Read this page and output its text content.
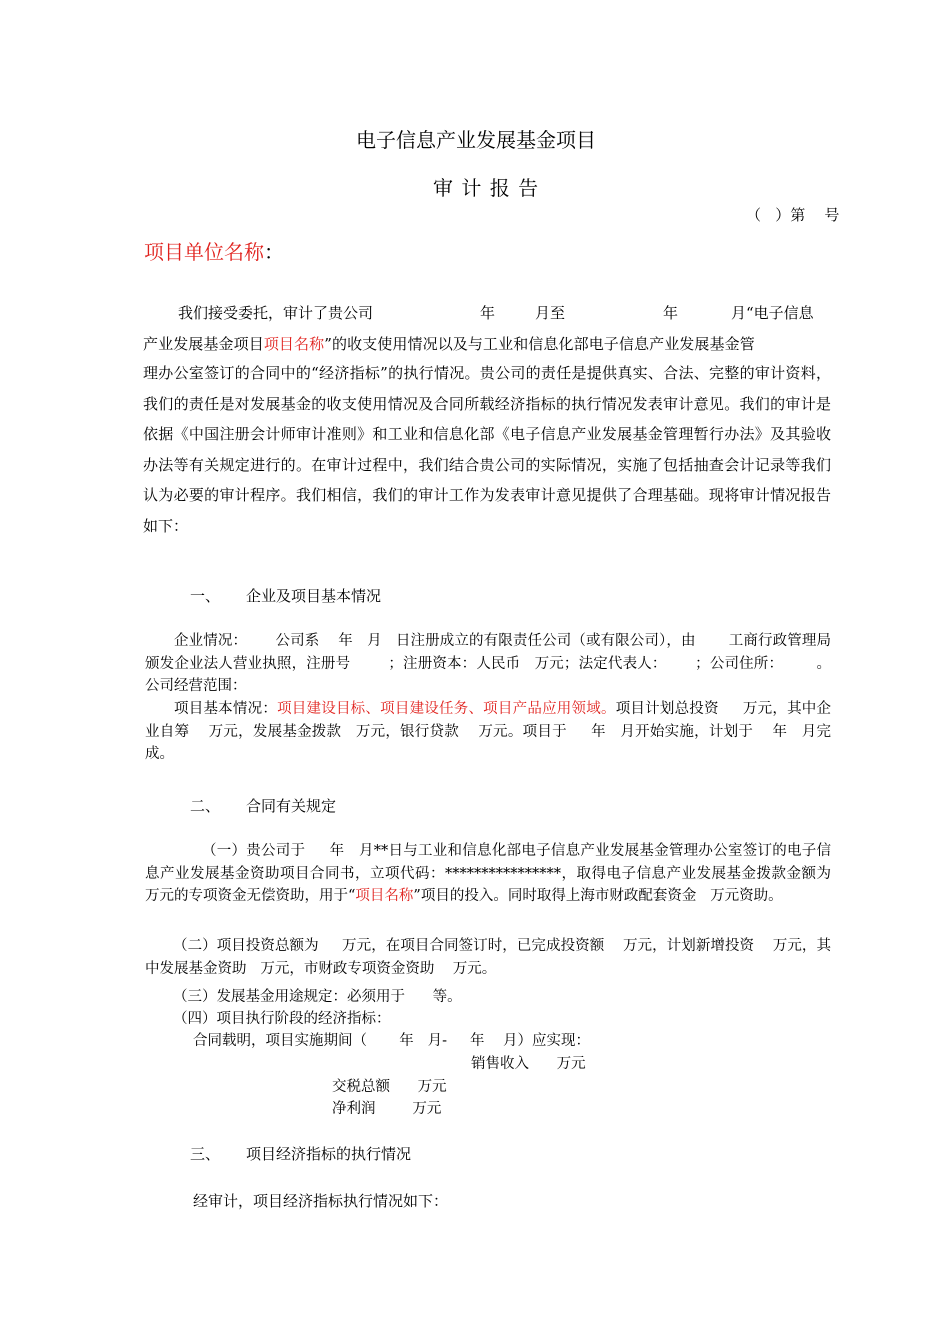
电子信息产业发展基金项目
审 计 报 告
（   ）第    号
项目单位名称：
我们接受委托，审计了贵公司	年	月至	年	月“电子信息
产业发展基金项目项目名称”的收支使用情况以及与工业和信息化部电子信息产业发展基金管
理办公室签订的合同中的“经济指标”的执行情况。贵公司的责任是提供真实、合法、完整的审计资料，我们的责任是对发展基金的收支使用情况及合同所载经济指标的执行情况发表审计意见。我们的审计是依据《中国注册会计师审计准则》和工业和信息化部《电子信息产业发展基金管理暂行办法》及其验收办法等有关规定进行的。在审计过程中，我们结合贵公司的实际情况，实施了包括抽查会计记录等我们认为必要的审计程序。我们相信，我们的审计工作为发表审计意见提供了合理基础。现将审计情况报告如下：
一、 企业及项目基本情况
企业情况：      公司系    年   月   日注册成立的有限责任公司（或有限公司），由       工商行政管理局颁发企业法人营业执照，注册号        ；注册资本：人民币   万元；法定代表人：      ；公司住所：       。公司经营范围：
项目基本情况：项目建设目标、项目建设任务、项目产品应用领域。项目计划总投资     万元，其中企业自筹    万元，发展基金拨款   万元，银行贷款    万元。项目于     年   月开始实施，计划于    年   月完成。
二、 合同有关规定
（一）贵公司于     年   月**日与工业和信息化部电子信息产业发展基金管理办公室签订的电子信息产业发展基金资助项目合同书，立项代码：****************，取得电子信息产业发展基金拨款金额为    万元的专项资金无偿资助，用于“项目名称”项目的投入。同时取得上海市财政配套资金   万元资助。
（二）项目投资总额为     万元，在项目合同签订时，已完成投资额    万元，计划新增投资    万元，其中发展基金资助   万元，市财政专项资金资助    万元。
（三）发展基金用途规定：必须用于      等。
（四）项目执行阶段的经济指标：
合同载明，项目实施期间（       年   月-     年    月）应实现：
销售收入      万元
交税总额      万元
净利润        万元
三、 项目经济指标的执行情况
经审计，项目经济指标执行情况如下：
